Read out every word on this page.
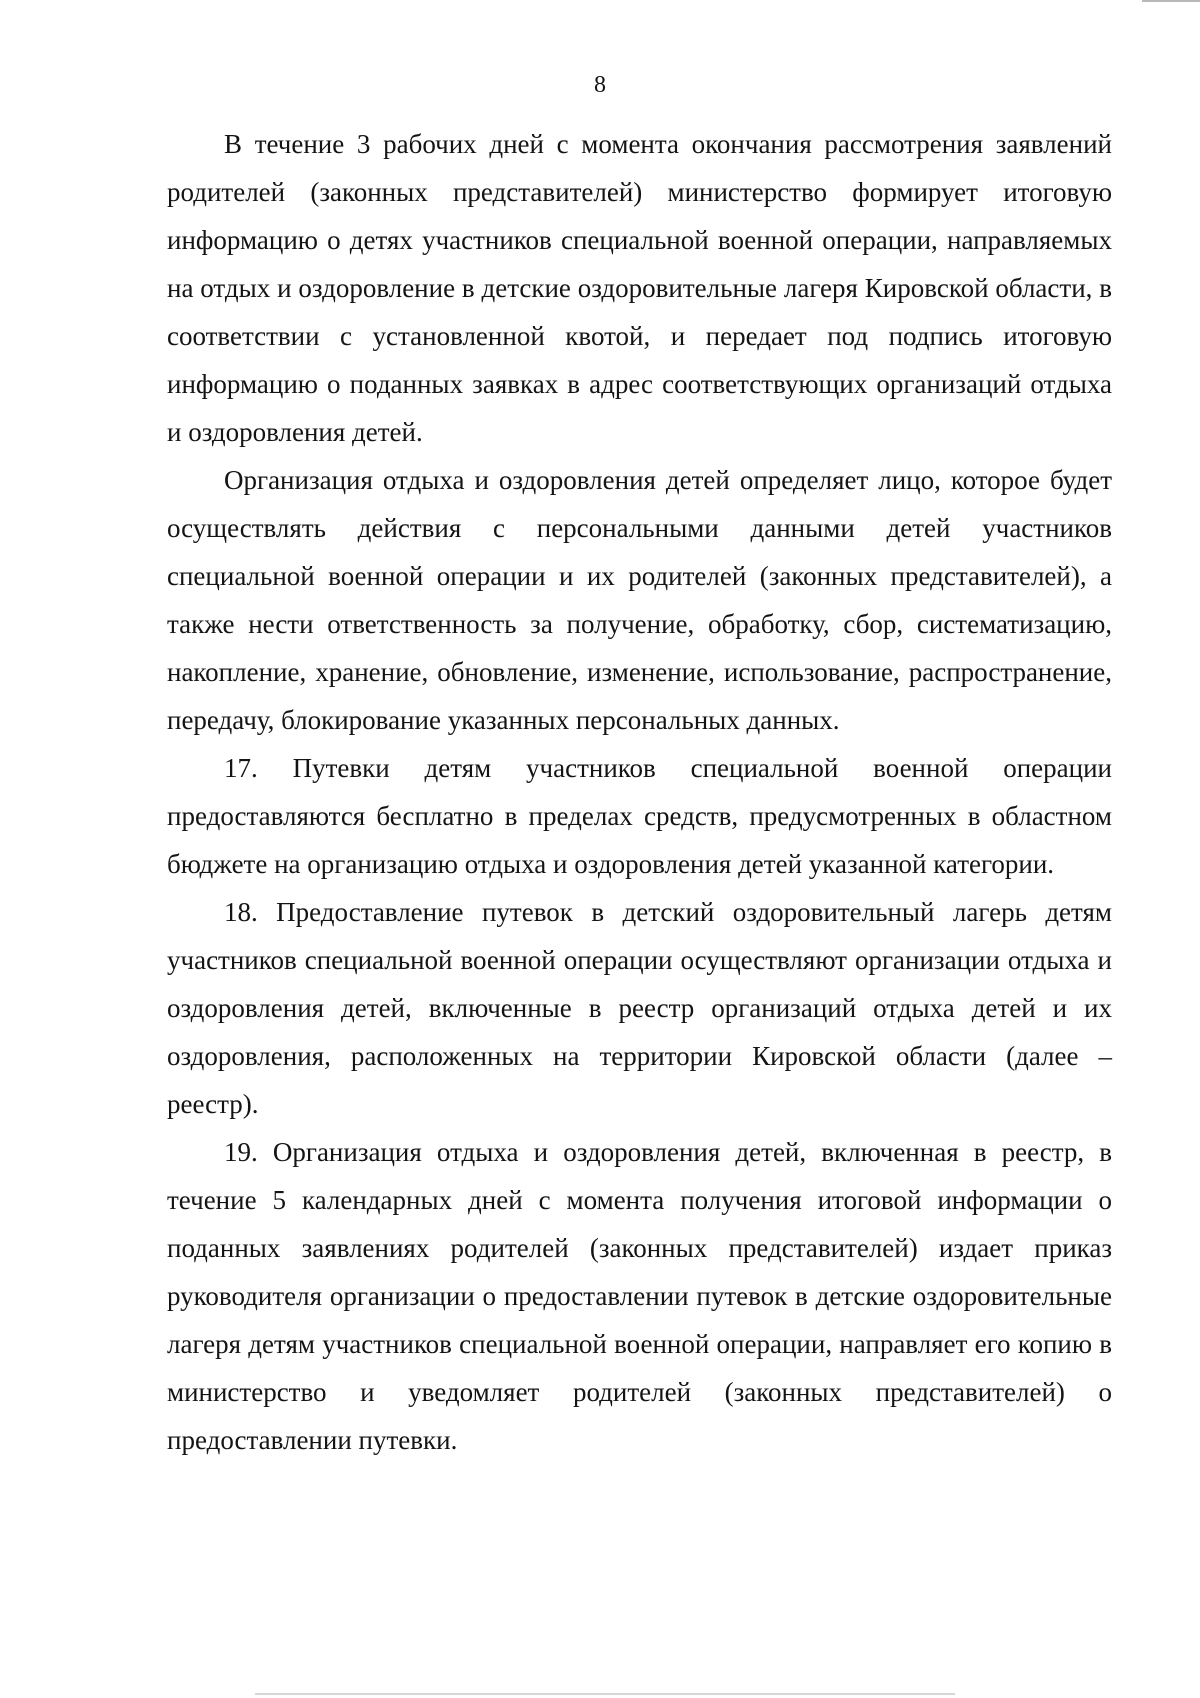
8

В течение 3 рабочих дней с момента окончания рассмотрения заявлений родителей (законных представителей) министерство формирует итоговую информацию о детях участников специальной военной операции, направляемых на отдых и оздоровление в детские оздоровительные лагеря Кировской области, в соответствии с установленной квотой, и передает под подпись итоговую информацию о поданных заявках в адрес соответствующих организаций отдыха и оздоровления детей.

Организация отдыха и оздоровления детей определяет лицо, которое будет осуществлять действия с персональными данными детей участников специальной военной операции и их родителей (законных представителей), а также нести ответственность за получение, обработку, сбор, систематизацию, накопление, хранение, обновление, изменение, использование, распространение, передачу, блокирование указанных персональных данных.

17. Путевки детям участников специальной военной операции предоставляются бесплатно в пределах средств, предусмотренных в областном бюджете на организацию отдыха и оздоровления детей указанной категории.

18. Предоставление путевок в детский оздоровительный лагерь детям участников специальной военной операции осуществляют организации отдыха и оздоровления детей, включенные в реестр организаций отдыха детей и их оздоровления, расположенных на территории Кировской области (далее – реестр).

19. Организация отдыха и оздоровления детей, включенная в реестр, в течение 5 календарных дней с момента получения итоговой информации о поданных заявлениях родителей (законных представителей) издает приказ руководителя организации о предоставлении путевок в детские оздоровительные лагеря детям участников специальной военной операции, направляет его копию в министерство и уведомляет родителей (законных представителей) о предоставлении путевки.
